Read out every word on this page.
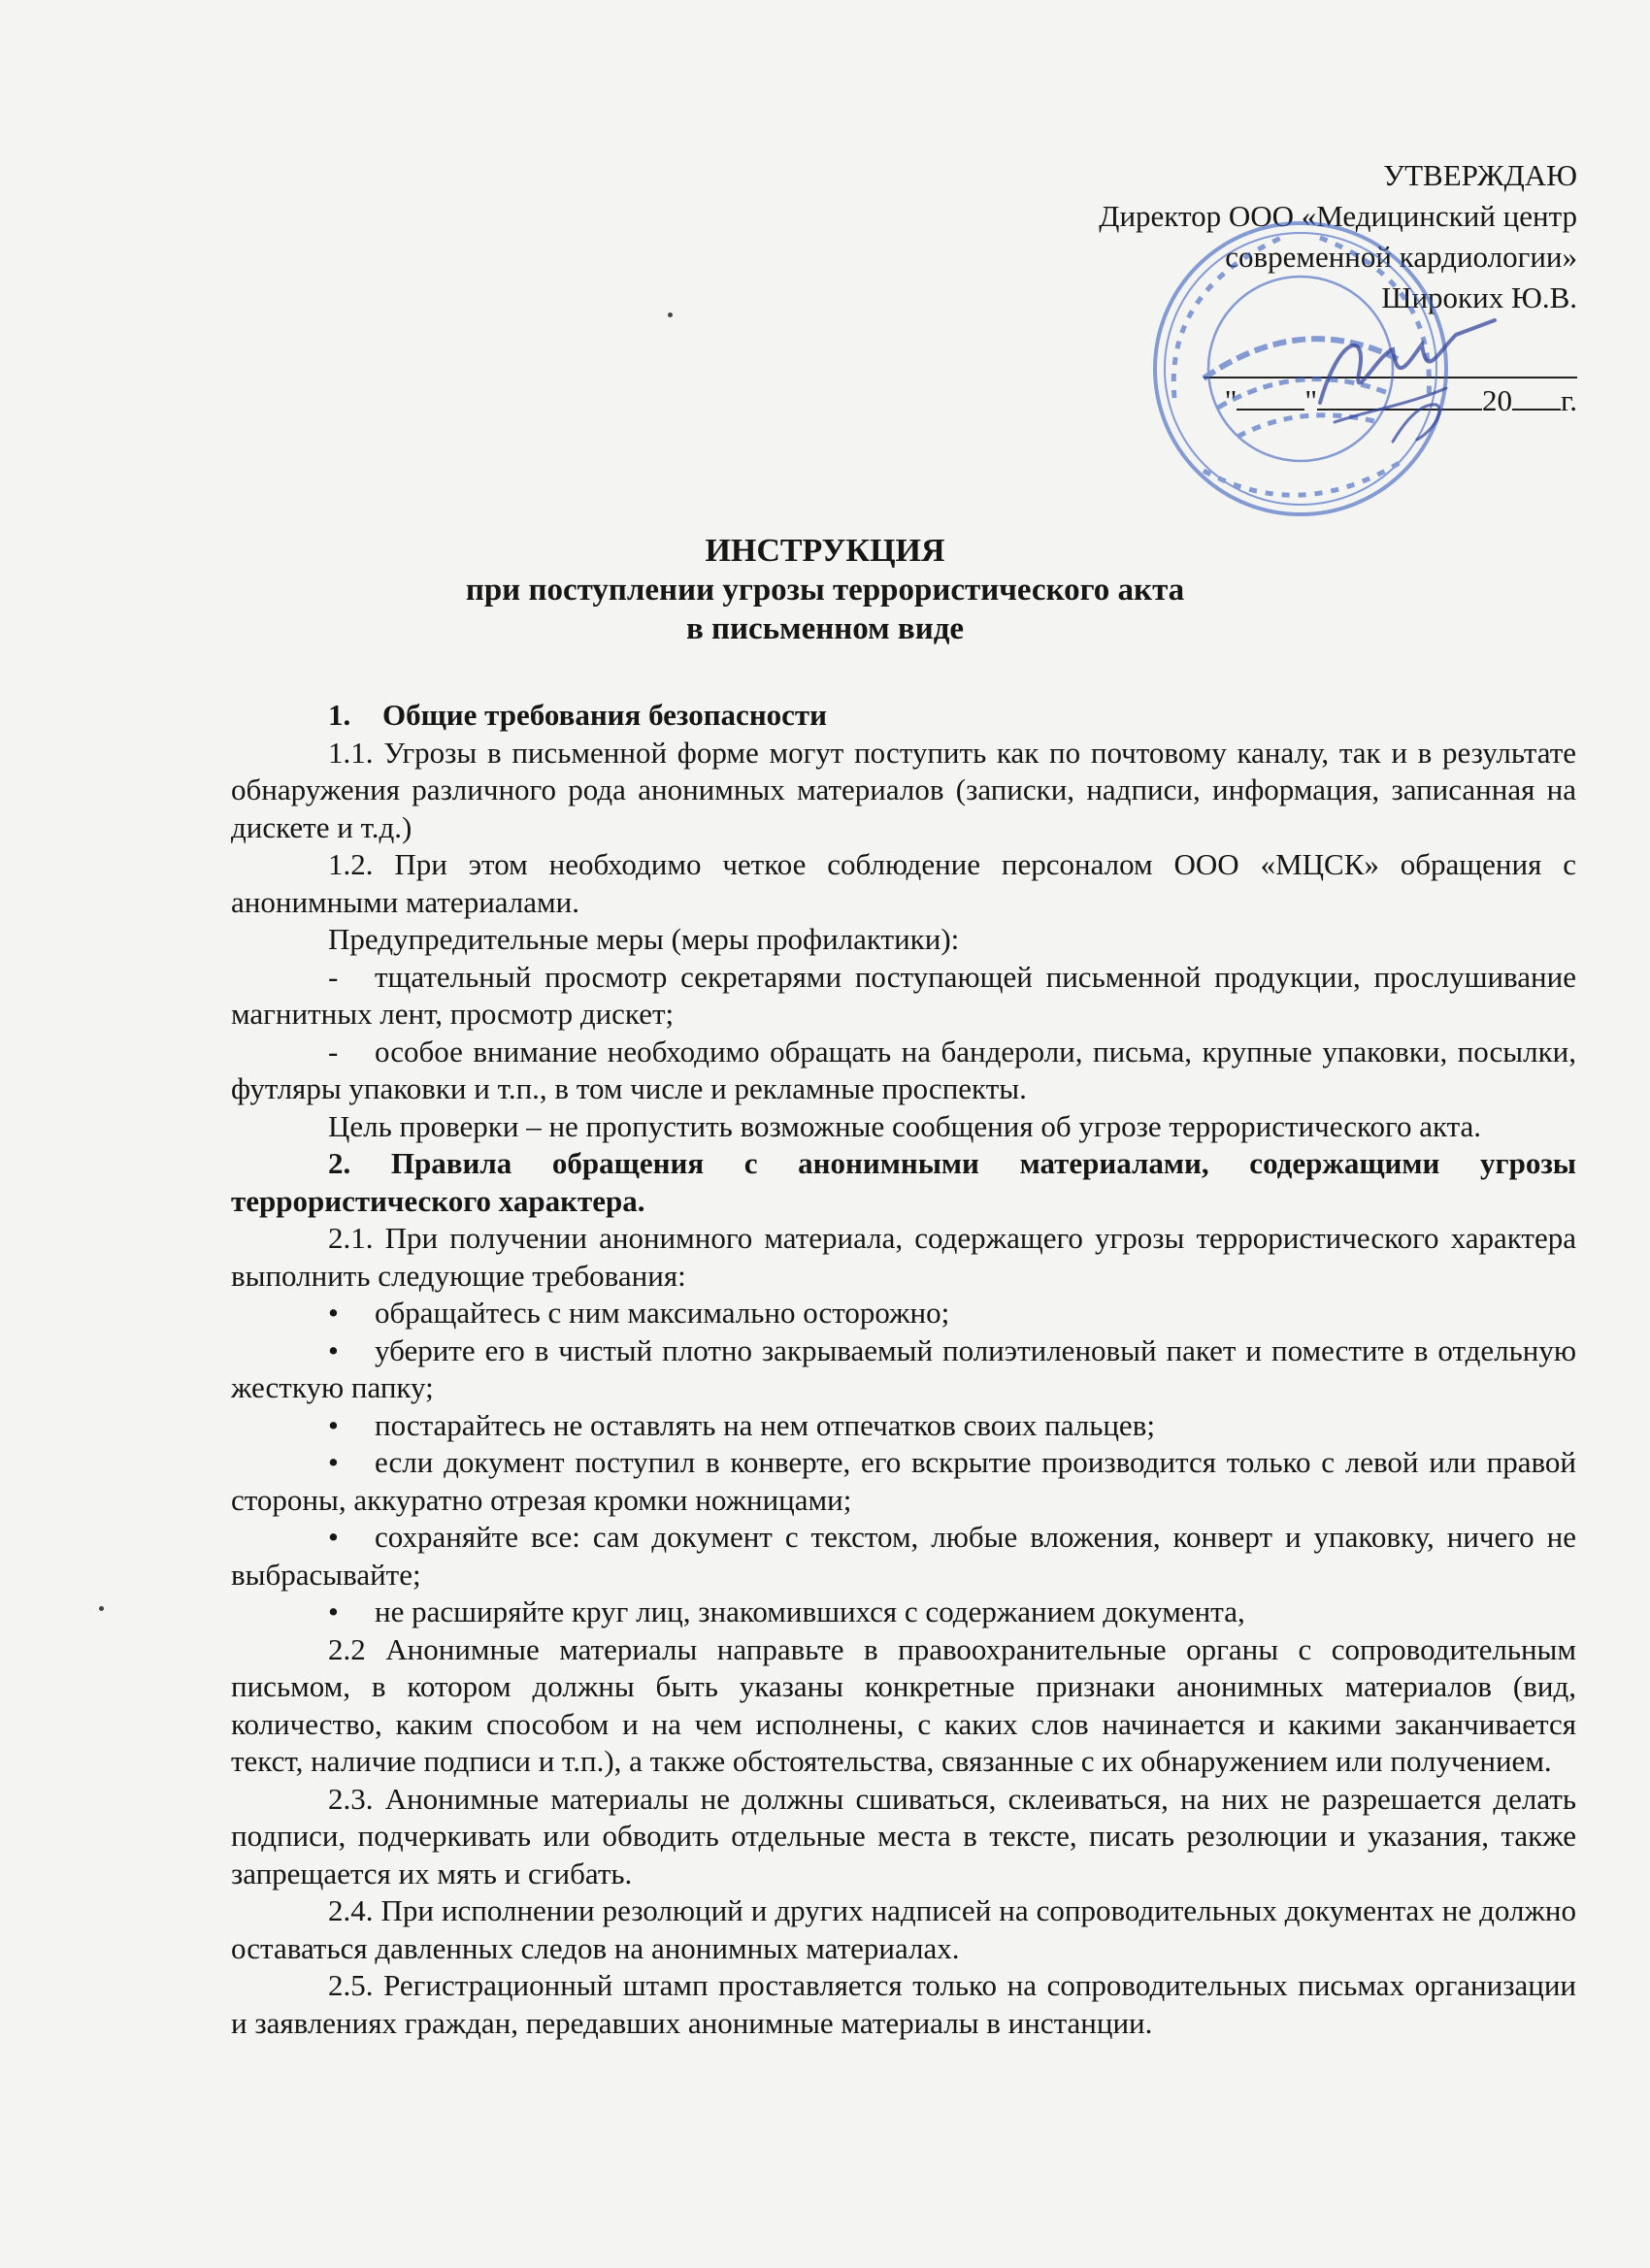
УТВЕРЖДАЮ
Директор ООО «Медицинский центр
современной кардиологии»
Широких Ю.В.
" "	20 г.
ИНСТРУКЦИЯ
при поступлении угрозы террористического акта
в письменном виде

1. Общие требования безопасности

1.1. Угрозы в письменной форме могут поступить как по почтовому каналу, так и в результате обнаружения различного рода анонимных материалов (записки, надписи, информация, записанная на дискете и т.д.)

1.2. При этом необходимо четкое соблюдение персоналом ООО «МЦСК» обращения с анонимными материалами.

Предупредительные меры (меры профилактики):

- тщательный просмотр секретарями поступающей письменной продукции, прослушивание магнитных лент, просмотр дискет;

- особое внимание необходимо обращать на бандероли, письма, крупные упаковки, посылки, футляры упаковки и т.п., в том числе и рекламные проспекты.

Цель проверки – не пропустить возможные сообщения об угрозе террористического акта.

2. Правила обращения с анонимными материалами, содержащими угрозы террористического характера.

2.1. При получении анонимного материала, содержащего угрозы террористического характера выполнить следующие требования:

• обращайтесь с ним максимально осторожно;

• уберите его в чистый плотно закрываемый полиэтиленовый пакет и поместите в отдельную жесткую папку;

• постарайтесь не оставлять на нем отпечатков своих пальцев;

• если документ поступил в конверте, его вскрытие производится только с левой или правой стороны, аккуратно отрезая кромки ножницами;

• сохраняйте все: сам документ с текстом, любые вложения, конверт и упаковку, ничего не выбрасывайте;

• не расширяйте круг лиц, знакомившихся с содержанием документа,

2.2 Анонимные материалы направьте в правоохранительные органы с сопроводительным письмом, в котором должны быть указаны конкретные признаки анонимных материалов (вид, количество, каким способом и на чем исполнены, с каких слов начинается и какими заканчивается текст, наличие подписи и т.п.), а также обстоятельства, связанные с их обнаружением или получением.

2.3. Анонимные материалы не должны сшиваться, склеиваться, на них не разрешается делать подписи, подчеркивать или обводить отдельные места в тексте, писать резолюции и указания, также запрещается их мять и сгибать.

2.4. При исполнении резолюций и других надписей на сопроводительных документах не должно оставаться давленных следов на анонимных материалах.

2.5. Регистрационный штамп проставляется только на сопроводительных письмах организации и заявлениях граждан, передавших анонимные материалы в инстанции.
